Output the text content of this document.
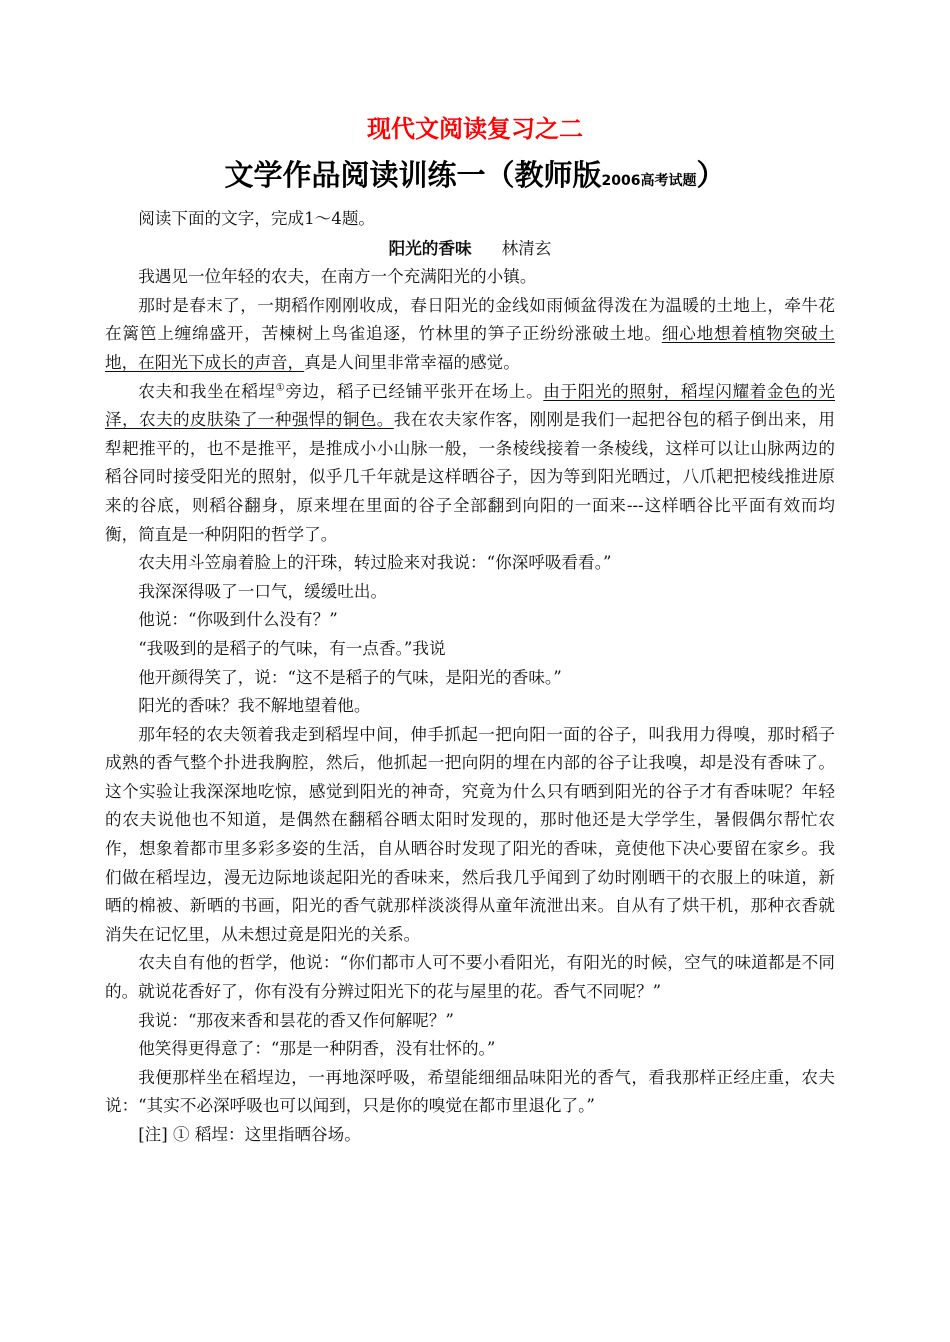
现代文阅读复习之二
文学作品阅读训练一（教师版2006高考试题）

阅读下面的文字，完成1～4题。

阳光的香味 林清玄

我遇见一位年轻的农夫，在南方一个充满阳光的小镇。

那时是春末了，一期稻作刚刚收成，春日阳光的金线如雨倾盆得泼在为温暖的土地上，牵牛花在篱笆上缠绵盛开，苦楝树上鸟雀追逐，竹林里的笋子正纷纷涨破土地。细心地想着植物突破土地，在阳光下成长的声音，真是人间里非常幸福的感觉。

农夫和我坐在稻埕①旁边，稻子已经铺平张开在场上。由于阳光的照射，稻埕闪耀着金色的光泽，农夫的皮肤染了一种强悍的铜色。我在农夫家作客，刚刚是我们一起把谷包的稻子倒出来，用犁耙推平的，也不是推平，是推成小小山脉一般，一条棱线接着一条棱线，这样可以让山脉两边的稻谷同时接受阳光的照射，似乎几千年就是这样晒谷子，因为等到阳光晒过，八爪耙把棱线推进原来的谷底，则稻谷翻身，原来埋在里面的谷子全部翻到向阳的一面来---这样晒谷比平面有效而均衡，简直是一种阴阳的哲学了。

农夫用斗笠扇着脸上的汗珠，转过脸来对我说：“你深呼吸看看。”

我深深得吸了一口气，缓缓吐出。

他说：“你吸到什么没有？”

“我吸到的是稻子的气味，有一点香。”我说

他开颜得笑了，说：“这不是稻子的气味，是阳光的香味。”

阳光的香味？我不解地望着他。

那年轻的农夫领着我走到稻埕中间，伸手抓起一把向阳一面的谷子，叫我用力得嗅，那时稻子成熟的香气整个扑进我胸腔，然后，他抓起一把向阴的埋在内部的谷子让我嗅，却是没有香味了。这个实验让我深深地吃惊，感觉到阳光的神奇，究竟为什么只有晒到阳光的谷子才有香味呢？年轻的农夫说他也不知道，是偶然在翻稻谷晒太阳时发现的，那时他还是大学学生，暑假偶尔帮忙农作，想象着都市里多彩多姿的生活，自从晒谷时发现了阳光的香味，竟使他下决心要留在家乡。我们做在稻埕边，漫无边际地谈起阳光的香味来，然后我几乎闻到了幼时刚晒干的衣服上的味道，新晒的棉被、新晒的书画，阳光的香气就那样淡淡得从童年流泄出来。自从有了烘干机，那种衣香就消失在记忆里，从未想过竟是阳光的关系。

农夫自有他的哲学，他说：“你们都市人可不要小看阳光，有阳光的时候，空气的味道都是不同的。就说花香好了，你有没有分辨过阳光下的花与屋里的花。香气不同呢？”

我说：“那夜来香和昙花的香又作何解呢？”

他笑得更得意了：“那是一种阴香，没有壮怀的。”

我便那样坐在稻埕边，一再地深呼吸，希望能细细品味阳光的香气，看我那样正经庄重，农夫说：“其实不必深呼吸也可以闻到，只是你的嗅觉在都市里退化了。”

[注] ① 稻埕：这里指晒谷场。
